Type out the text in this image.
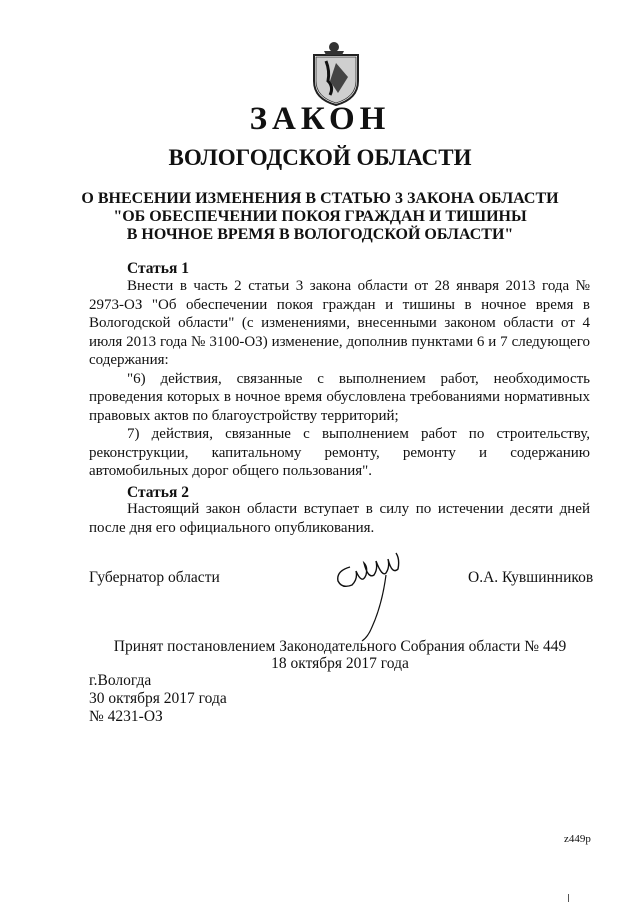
ЗАКОН
ВОЛОГОДСКОЙ ОБЛАСТИ
О ВНЕСЕНИИ ИЗМЕНЕНИЯ В СТАТЬЮ 3 ЗАКОНА ОБЛАСТИ
"ОБ ОБЕСПЕЧЕНИИ ПОКОЯ ГРАЖДАН И ТИШИНЫ
В НОЧНОЕ ВРЕМЯ В ВОЛОГОДСКОЙ ОБЛАСТИ"
Статья 1

Внести в часть 2 статьи 3 закона области от 28 января 2013 года № 2973-ОЗ "Об обеспечении покоя граждан и тишины в ночное время в Вологодской области" (с изменениями, внесенными законом области от 4 июля 2013 года № 3100-ОЗ) изменение, дополнив пунктами 6 и 7 следующего содержания:

"6) действия, связанные с выполнением работ, необходимость проведения которых в ночное время обусловлена требованиями нормативных правовых актов по благоустройству территорий;

7) действия, связанные с выполнением работ по строительству, реконструкции, капитальному ремонту, ремонту и содержанию автомобильных дорог общего пользования".

Статья 2

Настоящий закон области вступает в силу по истечении десяти дней после дня его официального опубликования.

Губернатор области	О.А. Кувшинников
Принят постановлением Законодательного Собрания области № 449
18 октября 2017 года
г.Вологда
30 октября 2017 года
№ 4231-ОЗ
z449р
